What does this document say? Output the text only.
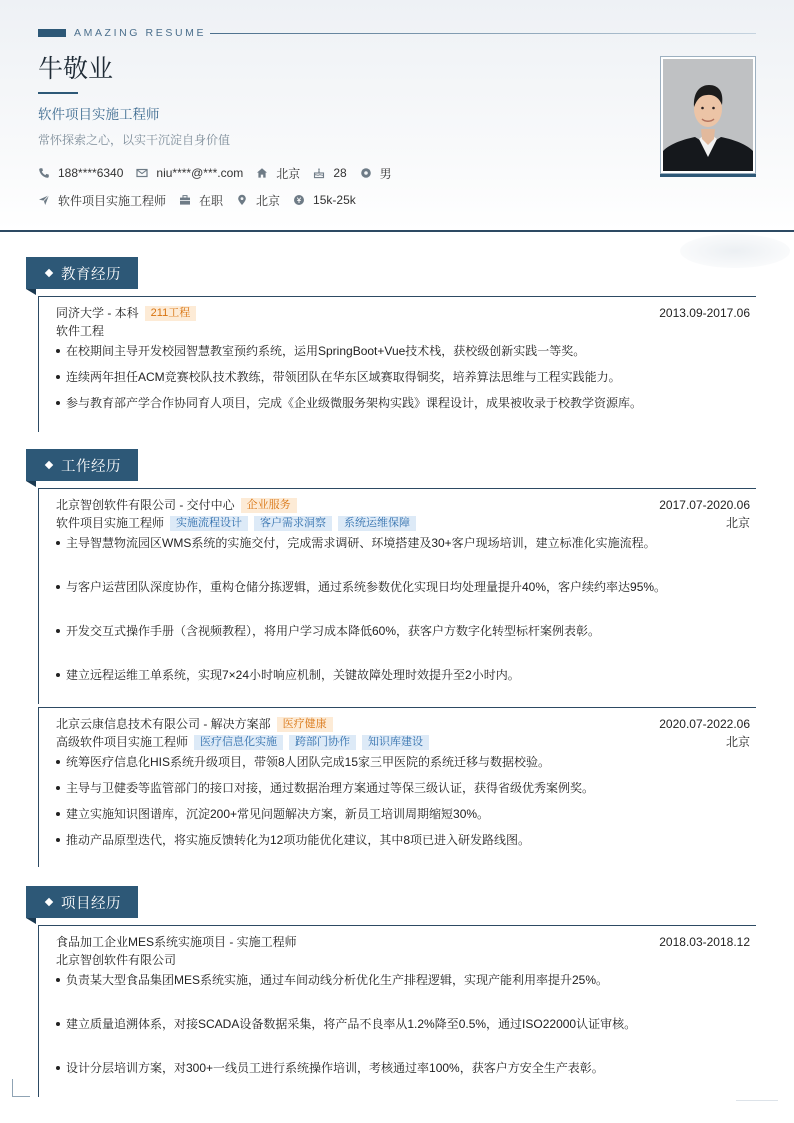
AMAZING RESUME
牛敬业
软件项目实施工程师
常怀探索之心，以实干沉淀自身价值
188****6340	niu****@***.com	北京	28	男
软件项目实施工程师	在职	北京	15k-25k
教育经历
同济大学 - 本科	211工程	2013.09-2017.06
软件工程
在校期间主导开发校园智慧教室预约系统，运用SpringBoot+Vue技术栈，获校级创新实践一等奖。
连续两年担任ACM竞赛校队技术教练，带领团队在华东区域赛取得铜奖，培养算法思维与工程实践能力。
参与教育部产学合作协同育人项目，完成《企业级微服务架构实践》课程设计，成果被收录于校教学资源库。
工作经历
北京智创软件有限公司 - 交付中心	企业服务	2017.07-2020.06
软件项目实施工程师	实施流程设计	客户需求洞察	系统运维保障	北京
主导智慧物流园区WMS系统的实施交付，完成需求调研、环境搭建及30+客户现场培训，建立标准化实施流程。
与客户运营团队深度协作，重构仓储分拣逻辑，通过系统参数优化实现日均处理量提升40%，客户续约率达95%。
开发交互式操作手册（含视频教程），将用户学习成本降低60%，获客户方数字化转型标杆案例表彰。
建立远程运维工单系统，实现7×24小时响应机制，关键故障处理时效提升至2小时内。
北京云康信息技术有限公司 - 解决方案部	医疗健康	2020.07-2022.06
高级软件项目实施工程师	医疗信息化实施	跨部门协作	知识库建设	北京
统筹医疗信息化HIS系统升级项目，带领8人团队完成15家三甲医院的系统迁移与数据校验。
主导与卫健委等监管部门的接口对接，通过数据治理方案通过等保三级认证，获得省级优秀案例奖。
建立实施知识图谱库，沉淀200+常见问题解决方案，新员工培训周期缩短30%。
推动产品原型迭代，将实施反馈转化为12项功能优化建议，其中8项已进入研发路线图。
项目经历
食品加工企业MES系统实施项目 - 实施工程师	2018.03-2018.12
北京智创软件有限公司
负责某大型食品集团MES系统实施，通过车间动线分析优化生产排程逻辑，实现产能利用率提升25%。
建立质量追溯体系，对接SCADA设备数据采集，将产品不良率从1.2%降至0.5%，通过ISO22000认证审核。
设计分层培训方案，对300+一线员工进行系统操作培训，考核通过率100%，获客户方安全生产表彰。
